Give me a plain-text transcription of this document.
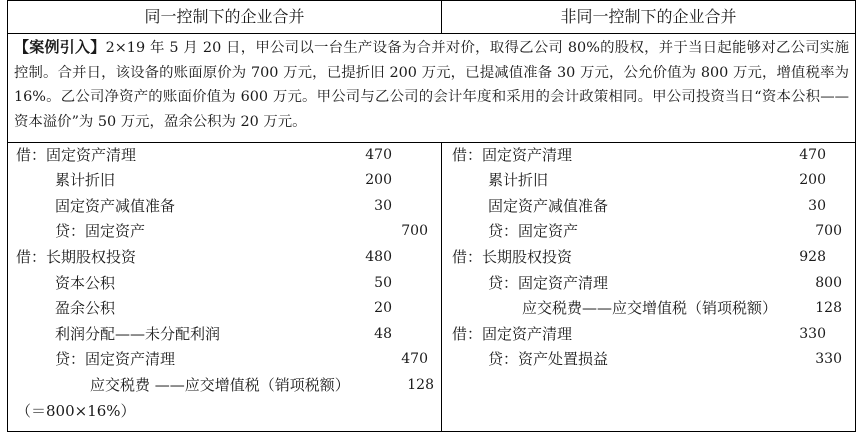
同一控制下的企业合并	非同一控制下的企业合并
【案例引入】2×19 年 5 月 20 日，甲公司以一台生产设备为合并对价，取得乙公司 80%的股权，并于当日起能够对乙公司实施控制。合并日，该设备的账面原价为 700 万元，已提折旧 200 万元，已提减值准备 30 万元，公允价值为 800 万元，增值税率为 16%。乙公司净资产的账面价值为 600 万元。甲公司与乙公司的会计年度和采用的会计政策相同。甲公司投资当日“资本公积——资本溢价”为 50 万元，盈余公积为 20 万元。
借：固定资产清理	470
累计折旧	200
固定资产减值准备	30
贷：固定资产	700
借：长期股权投资	480
资本公积	50
盈余公积	20
利润分配——未分配利润	48
贷：固定资产清理	470
应交税费 ——应交增值税（销项税额）	128
（＝800×16%）
借：固定资产清理	470
累计折旧	200
固定资产减值准备	30
贷：固定资产	700
借：长期股权投资	928
贷：固定资产清理	800
应交税费——应交增值税（销项税额）	128
借：固定资产清理	330
贷：资产处置损益	330
